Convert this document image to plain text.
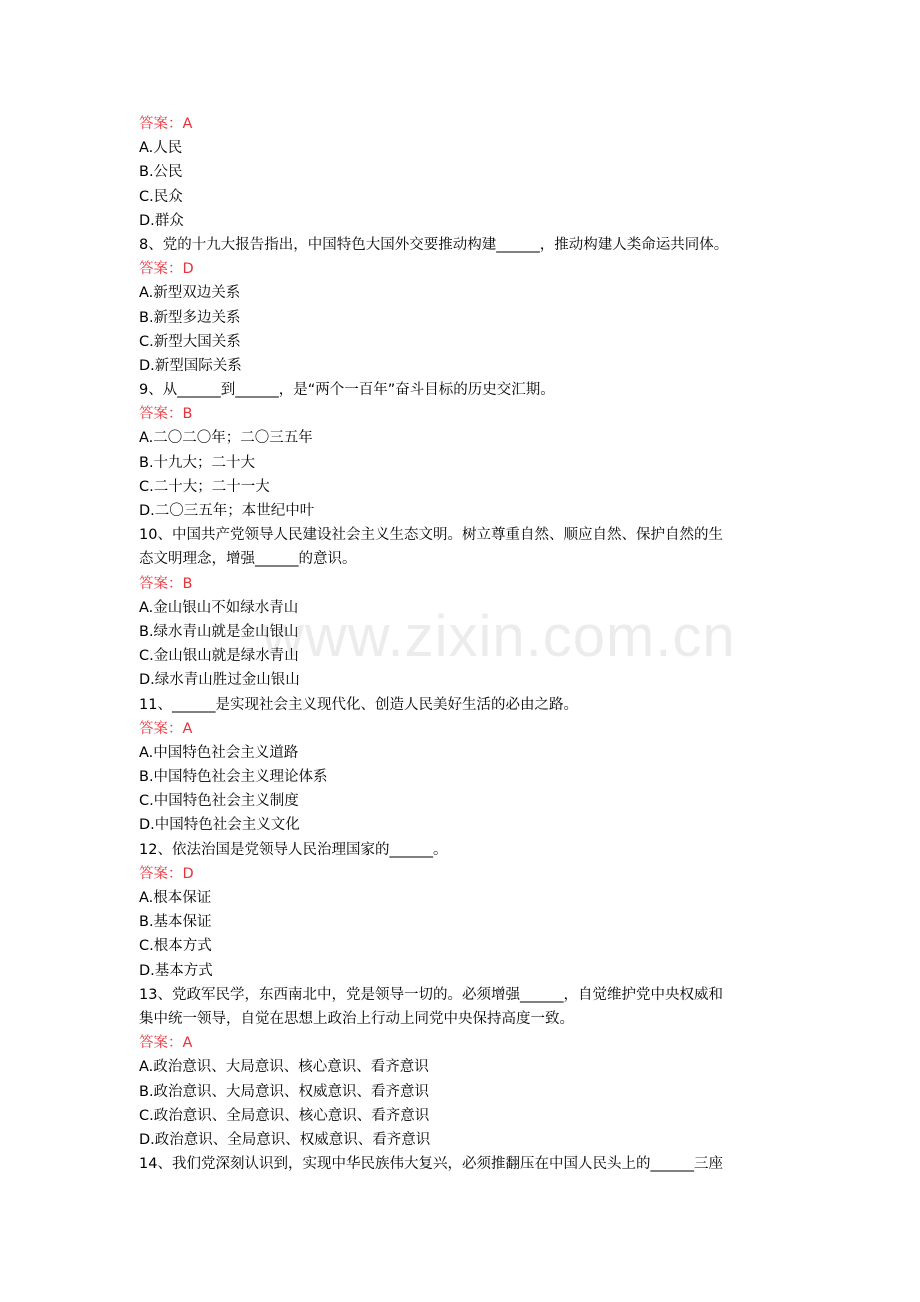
www.zixin.com.cn
答案：A
A.人民
B.公民
C.民众
D.群众
8、党的十九大报告指出，中国特色大国外交要推动构建______，推动构建人类命运共同体。
答案：D
A.新型双边关系
B.新型多边关系
C.新型大国关系
D.新型国际关系
9、从______到______，是“两个一百年”奋斗目标的历史交汇期。
答案：B
A.二〇二〇年；二〇三五年
B.十九大；二十大
C.二十大；二十一大
D.二〇三五年；本世纪中叶
10、中国共产党领导人民建设社会主义生态文明。树立尊重自然、顺应自然、保护自然的生
态文明理念，增强______的意识。
答案：B
A.金山银山不如绿水青山
B.绿水青山就是金山银山
C.金山银山就是绿水青山
D.绿水青山胜过金山银山
11、______是实现社会主义现代化、创造人民美好生活的必由之路。
答案：A
A.中国特色社会主义道路
B.中国特色社会主义理论体系
C.中国特色社会主义制度
D.中国特色社会主义文化
12、依法治国是党领导人民治理国家的______。
答案：D
A.根本保证
B.基本保证
C.根本方式
D.基本方式
13、党政军民学，东西南北中，党是领导一切的。必须增强______，自觉维护党中央权威和
集中统一领导，自觉在思想上政治上行动上同党中央保持高度一致。
答案：A
A.政治意识、大局意识、核心意识、看齐意识
B.政治意识、大局意识、权威意识、看齐意识
C.政治意识、全局意识、核心意识、看齐意识
D.政治意识、全局意识、权威意识、看齐意识
14、我们党深刻认识到，实现中华民族伟大复兴，必须推翻压在中国人民头上的______三座
